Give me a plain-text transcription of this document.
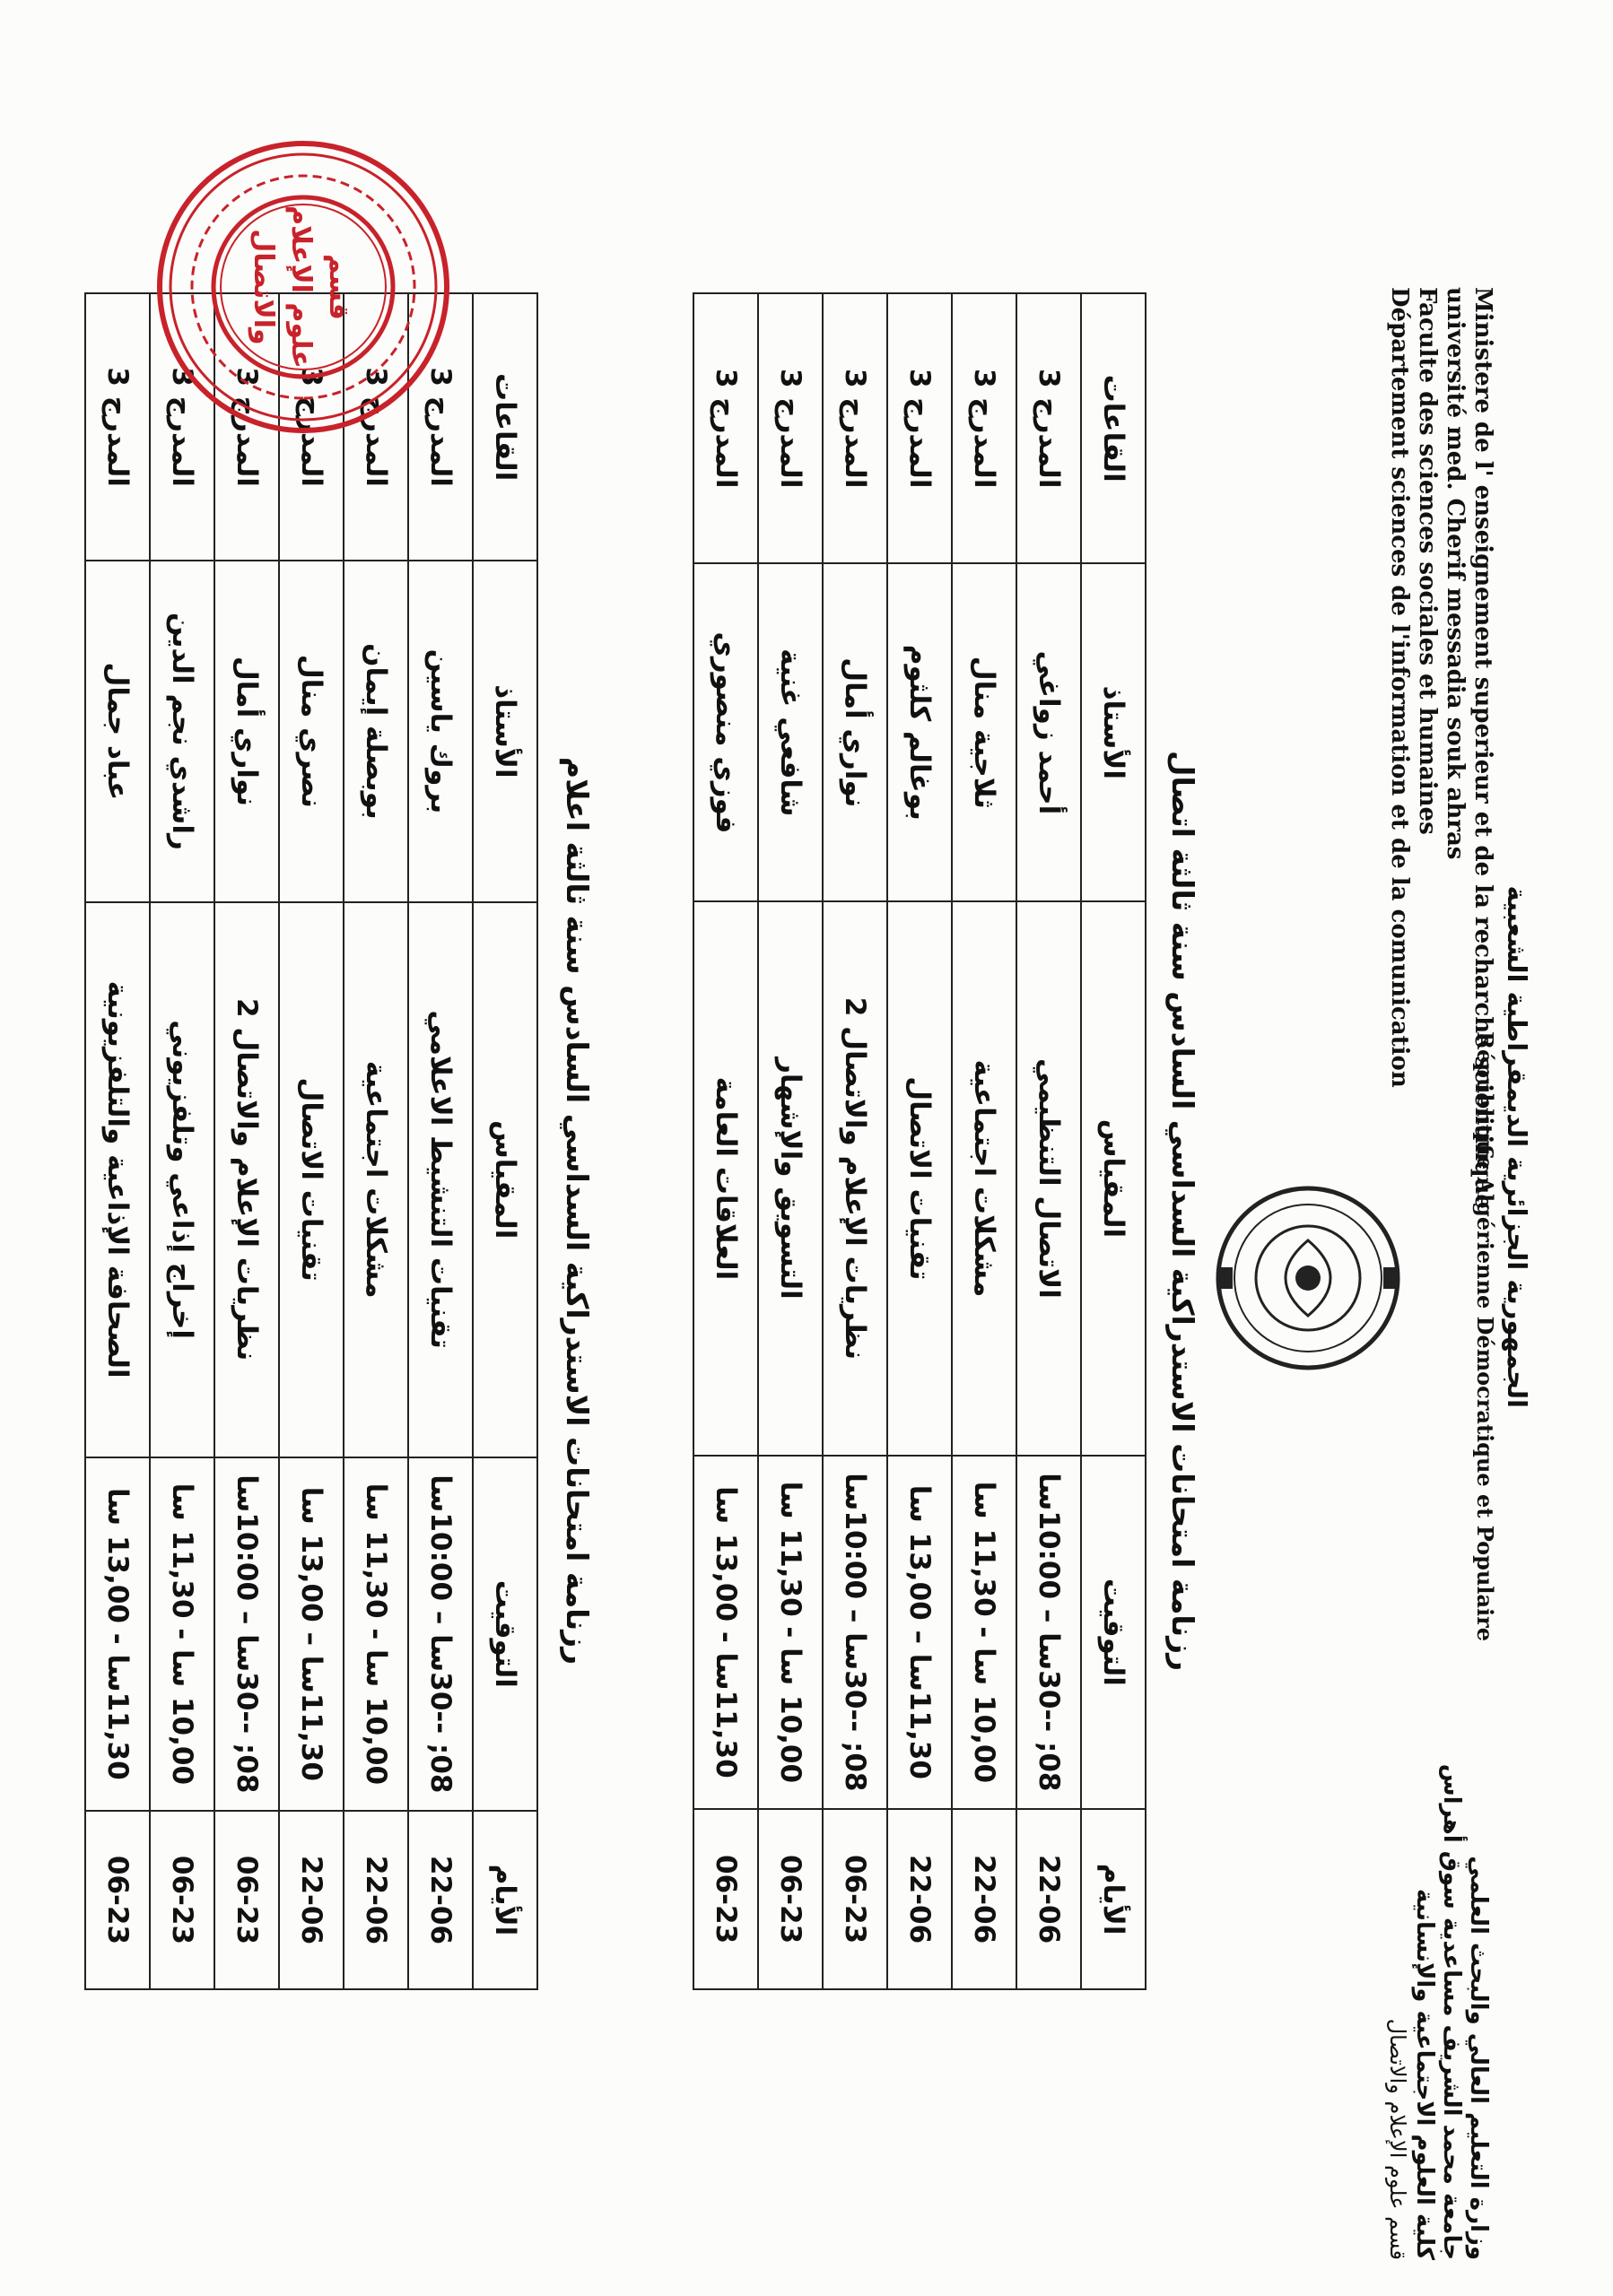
Ministere de l' enseignement superieur et de la recharche scientifique
université med. Cherif messadia souk ahras
Faculte des sciences sociales et humaines
Département sciences de l'information et de la comunication
الجمهورية الجزائرية الديمقراطية الشعبية
République Algérienne Démocratique et Populaire
وزارة التعليم العالي والبحث العلمي
جامعة محمد الشريف مساعدية سوق أهراس
كلية العلوم الاجتماعية والإنسانية
قسم علوم الإعلام والاتصال
رزنامة امتحانات الاستدراكية السداسي السادس سنة ثالثة اتصال
الأيام	التوقيت	المقياس	الأستاذ	القاعات
22-06	08; --30سا – 10:00سا	الاتصال التنظيمي	أحمد زواغي	المدرج 3
22-06	10,00 سا - 11,30 سا	مشكلات اجتماعية	ثلاجية منال	المدرج 3
22-06	11,30سا – 13,00 سا	تقنيات الاتصال	بوغالم كلثوم	المدرج 3
06-23	08; --30سا – 10:00سا	نظريات الإعلام والاتصال 2	نواري أمال	المدرج 3
06-23	10,00 سا - 11,30 سا	التسويق والإشهار	شافعي غنية	المدرج 3
06-23	11,30سا - 13,00 سا	العلاقات العامة	فوزي منصوري	المدرج 3
رزنامة امتحانات الاستدراكية السداسي السادس سنة ثالثة اعلام
الأيام	التوقيت	المقياس	الأستاذ	القاعات
22-06	08; --30سا – 10:00سا	تقنيات التنشيط الاعلامي	بروك ياسين	المدرج 3
22-06	10,00 سا - 11,30 سا	مشكلات اجتماعية	بوبصلة إيمان	المدرج 3
22-06	11,30سا – 13,00 سا	تقنيات الاتصال	نصري منال	المدرج 3
06-23	08; --30سا – 10:00سا	نظريات الإعلام والاتصال 2	نواري أمال	المدرج 3
06-23	10,00 سا - 11,30 سا	إخراج إذاعي وتلفزيوني	راشدي نجم الدين	المدرج 3
06-23	11,30سا - 13,00 سا	الصحافة الإذاعية والتلفزيونية	عباد جمال	المدرج 3
قسم
علوم الإعلام
والاتصال
